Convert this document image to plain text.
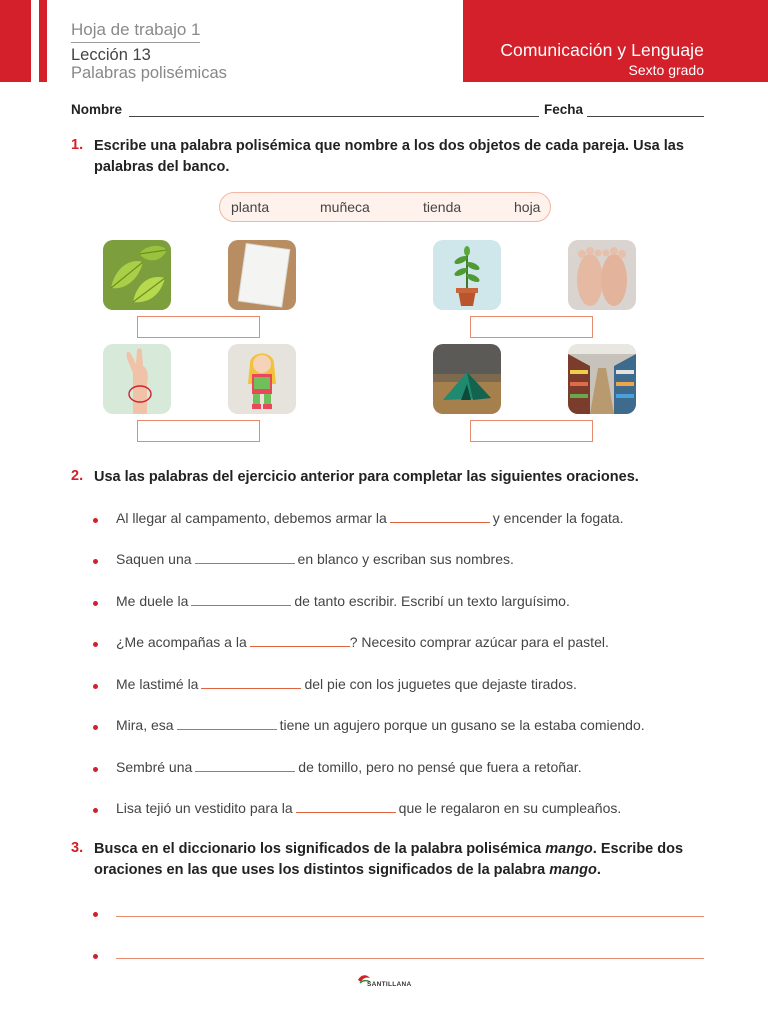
Comunicación y Lenguaje
Sexto grado
Hoja de trabajo 1
Lección 13
Palabras polisémicas
Nombre	Fecha
1. Escribe una palabra polisémica que nombre a los dos objetos de cada pareja. Usa las
palabras del banco.
planta	muñeca	tienda	hoja
2. Usa las palabras del ejercicio anterior para completar las siguientes oraciones.
Al llegar al campamento, debemos armar la	y encender la fogata.
Saquen una	en blanco y escriban sus nombres.
Me duele la	de tanto escribir. Escribí un texto larguísimo.
¿Me acompañas a la	? Necesito comprar azúcar para el pastel.
Me lastimé la	del pie con los juguetes que dejaste tirados.
Mira, esa	tiene un agujero porque un gusano se la estaba comiendo.
Sembré una	de tomillo, pero no pensé que fuera a retoñar.
Lisa tejió un vestidito para la	que le regalaron en su cumpleaños.
3. Busca en el diccionario los significados de la palabra polisémica mango. Escribe dos
oraciones en las que uses los distintos significados de la palabra mango.
SANTILLANA
